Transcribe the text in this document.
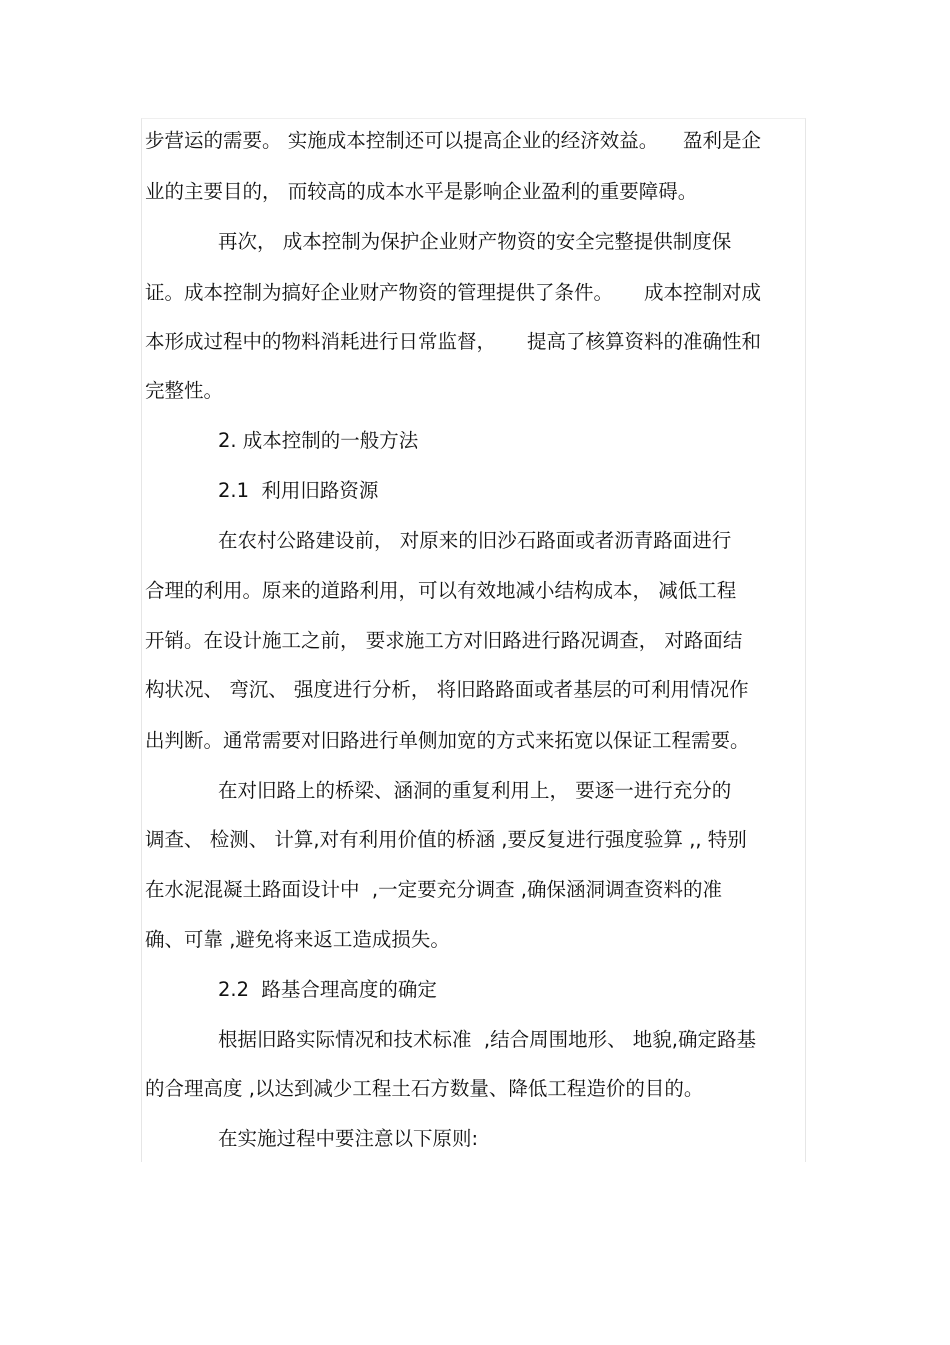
步营运的需要。 实施成本控制还可以提高企业的经济效益。    盈利是企
业的主要目的， 而较高的成本水平是影响企业盈利的重要障碍。
再次， 成本控制为保护企业财产物资的安全完整提供制度保
证。成本控制为搞好企业财产物资的管理提供了条件。     成本控制对成
本形成过程中的物料消耗进行日常监督，     提高了核算资料的准确性和
完整性。
2. 成本控制的一般方法
2.1  利用旧路资源
在农村公路建设前， 对原来的旧沙石路面或者沥青路面进行
合理的利用。原来的道路利用，可以有效地减小结构成本， 减低工程
开销。在设计施工之前， 要求施工方对旧路进行路况调查， 对路面结
构状况、 弯沉、 强度进行分析， 将旧路路面或者基层的可利用情况作
出判断。通常需要对旧路进行单侧加宽的方式来拓宽以保证工程需要。
在对旧路上的桥梁、涵洞的重复利用上， 要逐一进行充分的
调查、 检测、 计算,对有利用价值的桥涵 ,要反复进行强度验算 ,, 特别
在水泥混凝土路面设计中  ,一定要充分调查 ,确保涵洞调查资料的准
确、可靠 ,避免将来返工造成损失。
2.2  路基合理高度的确定
根据旧路实际情况和技术标准  ,结合周围地形、 地貌,确定路基
的合理高度 ,以达到减少工程土石方数量、降低工程造价的目的。
在实施过程中要注意以下原则:
